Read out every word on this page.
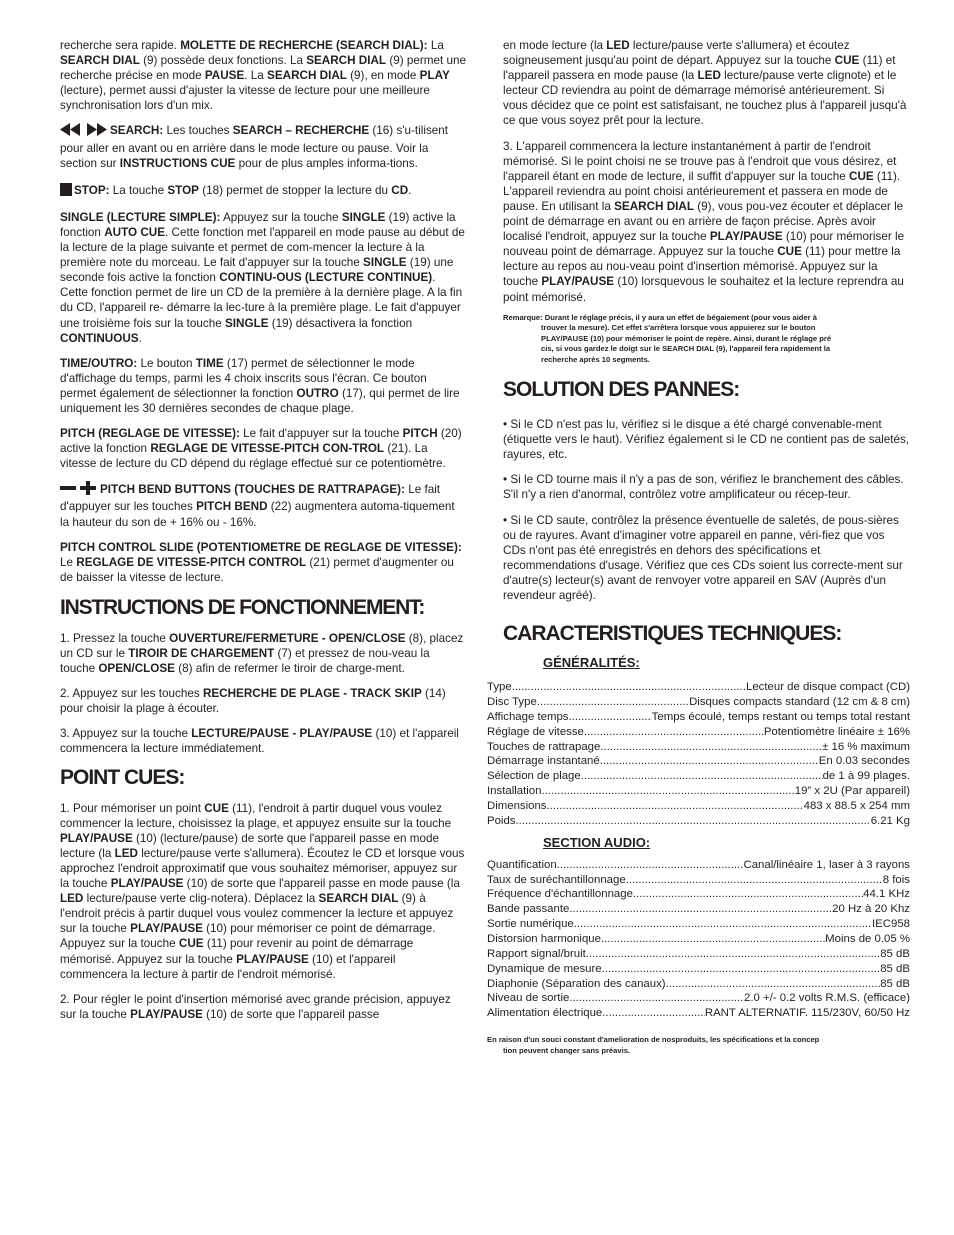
recherche sera rapide. MOLETTE DE RECHERCHE (SEARCH DIAL): La SEARCH DIAL (9) possède deux fonctions. La SEARCH DIAL (9) permet une recherche précise en mode PAUSE. La SEARCH DIAL (9), en mode PLAY (lecture), permet aussi d'ajuster la vitesse de lecture pour une meilleure synchronisation lors d'un mix.

SEARCH: Les touches SEARCH – RECHERCHE (16) s'u-tilisent pour aller en avant ou en arrière dans le mode lecture ou pause. Voir la section sur INSTRUCTIONS CUE pour de plus amples informa-tions.

STOP: La touche STOP (18) permet de stopper la lecture du CD.

SINGLE (LECTURE SIMPLE): Appuyez sur la touche SINGLE (19) active la fonction AUTO CUE. Cette fonction met l'appareil en mode pause au début de la lecture de la plage suivante et permet de com-mencer la lecture à la première note du morceau. Le fait d'appuyer sur la touche SINGLE (19) une seconde fois active la fonction CONTINU-OUS (LECTURE CONTINUE). Cette fonction permet de lire un CD de la première à la dernière plage. A la fin du CD, l'appareil re- démarre la lec-ture à la première plage. Le fait d'appuyer une troisième fois sur la touche SINGLE (19) désactivera la fonction CONTINUOUS.

TIME/OUTRO: Le bouton TIME (17) permet de sélectionner le mode d'affichage du temps, parmi les 4 choix inscrits sous l'écran. Ce bouton permet également de sélectionner la fonction OUTRO (17), qui permet de lire uniquement les 30 dernières secondes de chaque plage.

PITCH (REGLAGE DE VITESSE): Le fait d'appuyer sur la touche PITCH (20) active la fonction REGLAGE DE VITESSE-PITCH CON-TROL (21). La vitesse de lecture du CD dépend du réglage effectué sur ce potentiomètre.

PITCH BEND BUTTONS (TOUCHES DE RATTRAPAGE): Le fait d'appuyer sur les touches PITCH BEND (22) augmentera automa-tiquement la hauteur du son de + 16% ou - 16%.

PITCH CONTROL SLIDE (POTENTIOMETRE DE REGLAGE DE VITESSE): Le REGLAGE DE VITESSE-PITCH CONTROL (21) permet d'augmenter ou de baisser la vitesse de lecture.

INSTRUCTIONS DE FONCTIONNEMENT:

1. Pressez la touche OUVERTURE/FERMETURE - OPEN/CLOSE (8), placez un CD sur le TIROIR DE CHARGEMENT (7) et pressez de nou-veau la touche OPEN/CLOSE (8) afin de refermer le tiroir de charge-ment.

2. Appuyez sur les touches RECHERCHE DE PLAGE - TRACK SKIP (14) pour choisir la plage à écouter.

3. Appuyez sur la touche LECTURE/PAUSE - PLAY/PAUSE (10) et l'appareil commencera la lecture immédiatement.

POINT CUES:

1. Pour mémoriser un point CUE (11), l'endroit à partir duquel vous voulez commencer la lecture, choisissez la plage, et appuyez ensuite sur la touche PLAY/PAUSE (10) (lecture/pause) de sorte que l'appareil passe en mode lecture (la LED lecture/pause verte s'allumera). Écoutez le CD et lorsque vous approchez l'endroit approximatif que vous souhaitez mémoriser, appuyez sur la touche PLAY/PAUSE (10) de sorte que l'appareil passe en mode pause (la LED lecture/pause verte clig-notera). Déplacez la SEARCH DIAL (9) à l'endroit précis à partir duquel vous voulez commencer la lecture et appuyez sur la touche PLAY/PAUSE (10) pour mémoriser ce point de démarrage. Appuyez sur la touche CUE (11) pour revenir au point de démarrage mémorisé. Appuyez sur la touche PLAY/PAUSE (10) et l'appareil commencera la lecture à partir de l'endroit mémorisé.

2. Pour régler le point d'insertion mémorisé avec grande précision, appuyez sur la touche PLAY/PAUSE (10) de sorte que l'appareil passe

en mode lecture (la LED lecture/pause verte s'allumera) et écoutez soigneusement jusqu'au point de départ. Appuyez sur la touche CUE (11) et l'appareil passera en mode pause (la LED lecture/pause verte clignote) et le lecteur CD reviendra au point de démarrage mémorisé antérieurement. Si vous décidez que ce point est satisfaisant, ne touchez plus à l'appareil jusqu'à ce que vous soyez prêt pour la lecture.

3. L'appareil commencera la lecture instantanément à partir de l'endroit mémorisé. Si le point choisi ne se trouve pas à l'endroit que vous désirez, et l'appareil étant en mode de lecture, il suffit d'appuyer sur la touche CUE (11). L'appareil reviendra au point choisi antérieurement et passera en mode de pause. En utilisant la SEARCH DIAL (9), vous pou-vez écouter et déplacer le point de démarrage en avant ou en arrière de façon précise. Après avoir localisé l'endroit, appuyez sur la touche PLAY/PAUSE (10) pour mémoriser le nouveau point de démarrage. Appuyez sur la touche CUE (11) pour mettre la lecture au repos au nou-veau point d'insertion mémorisé. Appuyez sur la touche PLAY/PAUSE (10) lorsquevous le souhaitez et la lecture reprendra au point mémorisé.

Remarque: Durant le réglage précis, il y aura un effet de bégaiement (pour vous aider à
trouver la mesure). Cet effet s'arrêtera lorsque vous appuierez sur le bouton
PLAY/PAUSE (10) pour mémoriser le point de repère. Ainsi, durant le réglage pré
cis, si vous gardez le doigt sur le SEARCH DIAL (9), l'appareil fera rapidement la
recherche après 10 segments.
SOLUTION DES PANNES:

• Si le CD n'est pas lu, vérifiez si le disque a été chargé convenable-ment (étiquette vers le haut). Vérifiez également si le CD ne contient pas de saletés, rayures, etc.

• Si le CD tourne mais il n'y a pas de son, vérifiez le branchement des câbles. S'il n'y a rien d'anormal, contrôlez votre amplificateur ou récep-teur.

• Si le CD saute, contrôlez la présence éventuelle de saletés, de pous-sières ou de rayures. Avant d'imaginer votre appareil en panne, véri-fiez que vos CDs n'ont pas été enregistrés en dehors des spécifications et recommendations d'usage. Vérifiez que ces CDs soient lus correcte-ment sur d'autre(s) lecteur(s) avant de renvoyer votre appareil en SAV (Auprès d'un revendeur agréé).

CARACTERISTIQUES TECHNIQUES:
GÉNÉRALITÉS:
Type .....	Lecteur de disque compact (CD)
Disc Type .....	Disques compacts standard (12 cm & 8 cm)
Affichage temps .....	Temps écoulé, temps restant ou temps total restant
Réglage de vitesse .....	Potentiomètre linéaire ± 16%
Touches de rattrapage .....	± 16 % maximum
Démarrage instantané .....	En 0.03 secondes
Sélection de plage .....	de 1 à 99 plages.
Installation .....	19” x 2U (Par appareil)
Dimensions .....	483 x 88.5 x 254 mm
Poids .....	6.21 Kg
SECTION AUDIO:
Quantification .....	Canal/linéaire 1, laser à 3 rayons
Taux de suréchantillonnage .....	8 fois
Fréquence d'échantillonnage .....	44.1 KHz
Bande passante .....	20 Hz à 20 Khz
Sortie numérique .....	IEC958
Distorsion harmonique .....	Moins de 0.05 %
Rapport signal/bruit .....	85 dB
Dynamique de mesure .....	85 dB
Diaphonie (Séparation des canaux) .....	85 dB
Niveau de sortie .....	2.0 +/- 0.2 volts R.M.S. (efficace)
Alimentation électrique .....	RANT ALTERNATIF. 115/230V, 60/50 Hz
En raison d'un souci constant d'amelioration de nosproduits, les spécifications et la concep
tion peuvent changer sans préavis.
